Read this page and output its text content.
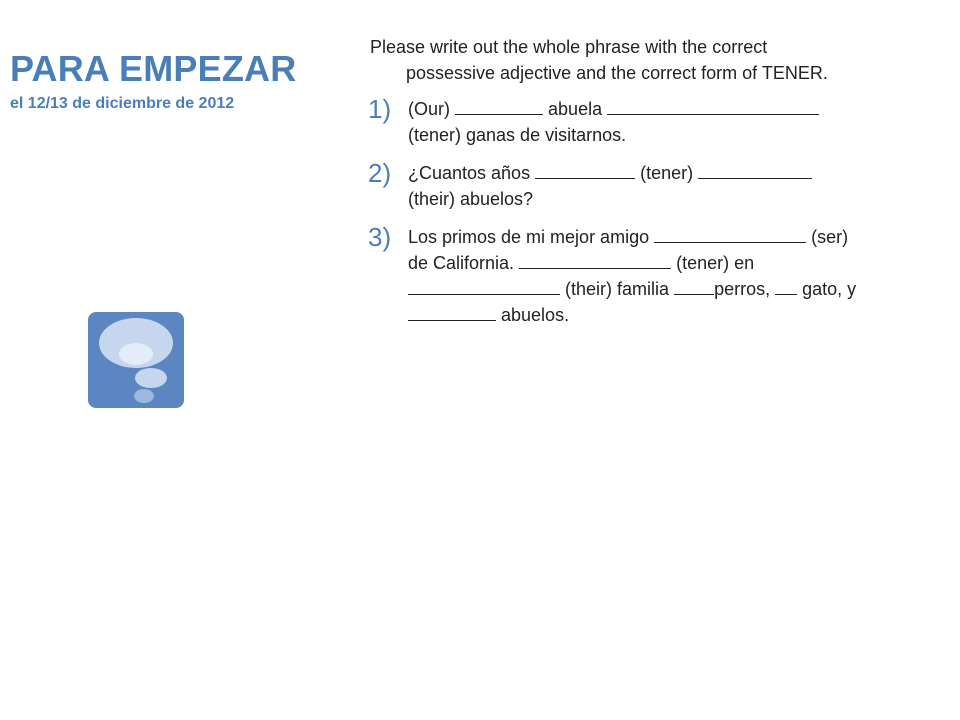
PARA EMPEZAR

el 12/13 de diciembre de 2012

Please write out the whole phrase with the correct possessive adjective and the correct form of TENER.

1) (Our)	abuela  (tener) ganas de visitarnos.
2) ¿Cuantos años	(tener)  (their) abuelos?
3) Los primos de mi mejor amigo	(ser) de California.	(tener) en  (their) familia	perros, gato, y  abuelos.
